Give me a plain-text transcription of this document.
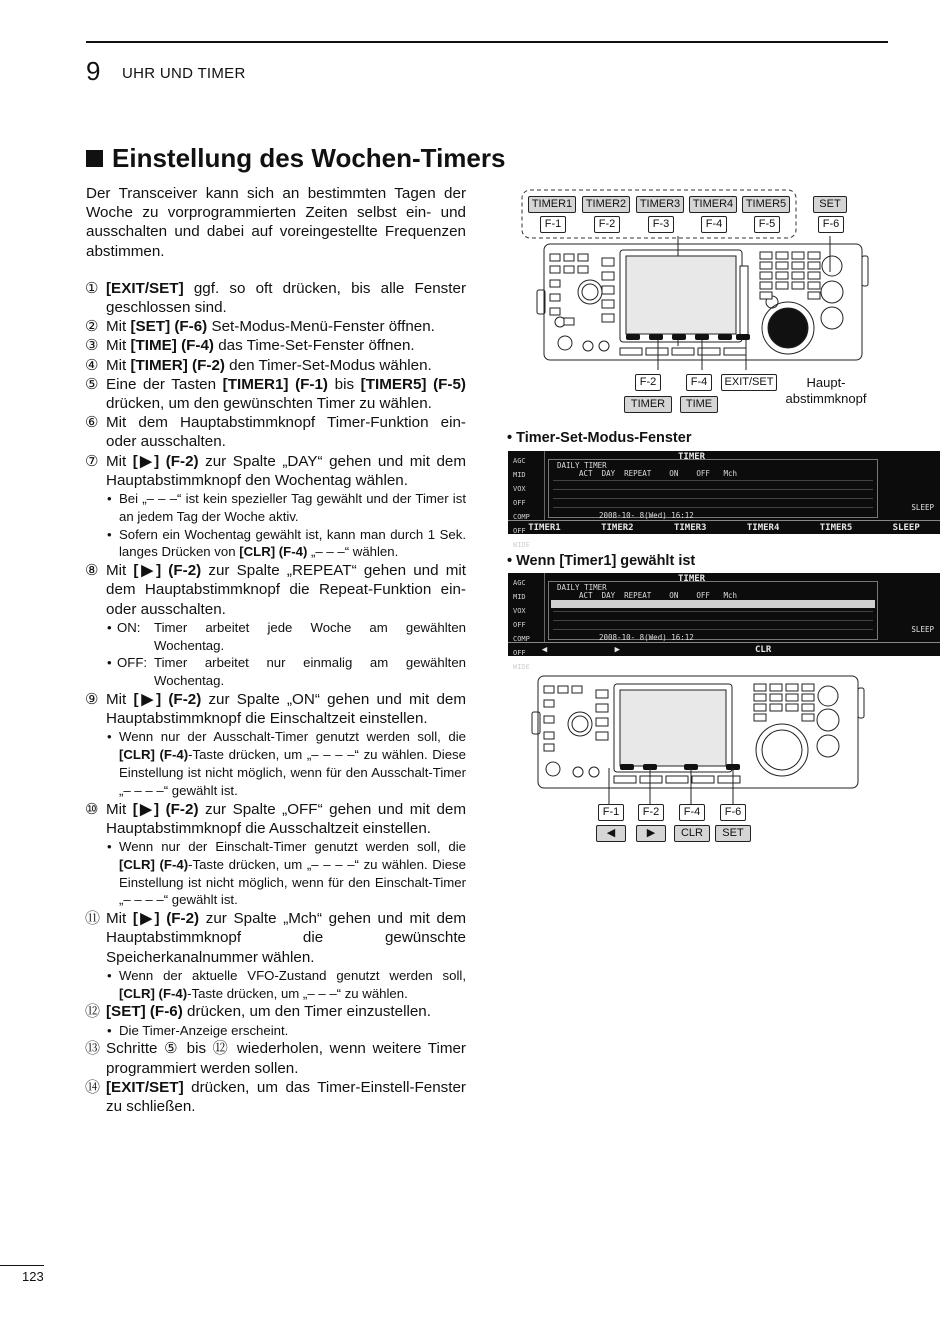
9 UHR UND TIMER
Einstellung des Wochen-Timers

Der Transceiver kann sich an bestimmten Tagen der Woche zu vorprogrammierten Zeiten selbst ein- und ausschalten und dabei auf voreingestellte Frequenzen abstimmen.

① [EXIT/SET] ggf. so oft drücken, bis alle Fenster geschlossen sind.

② Mit [SET] (F-6) Set-Modus-Menü-Fenster öffnen.

③ Mit [TIME] (F-4) das Time-Set-Fenster öffnen.

④ Mit [TIMER] (F-2) den Timer-Set-Modus wählen.

⑤ Eine der Tasten [TIMER1] (F-1) bis [TIMER5] (F-5) drücken, um den gewünschten Timer zu wählen.

⑥ Mit dem Hauptabstimmknopf Timer-Funktion ein- oder ausschalten.

⑦ Mit [▶] (F-2) zur Spalte „DAY“ gehen und mit dem Hauptabstimmknopf den Wochentag wählen.

• Bei „– – –“ ist kein spezieller Tag gewählt und der Timer ist an jedem Tag der Woche aktiv.

• Sofern ein Wochentag gewählt ist, kann man durch 1 Sek. langes Drücken von [CLR] (F-4) „– – –“ wählen.

⑧ Mit [▶] (F-2) zur Spalte „REPEAT“ gehen und mit dem Hauptabstimmknopf die Repeat-Funktion ein- oder ausschalten.

• ON: Timer arbeitet jede Woche am gewählten Wochentag.

• OFF: Timer arbeitet nur einmalig am gewählten Wochentag.

⑨ Mit [▶] (F-2) zur Spalte „ON“ gehen und mit dem Hauptabstimmknopf die Einschaltzeit einstellen.

• Wenn nur der Ausschalt-Timer genutzt werden soll, die [CLR] (F-4)-Taste drücken, um „– – – –“ zu wählen. Diese Einstellung ist nicht möglich, wenn für den Ausschalt-Timer „– – – –“ gewählt ist.

⑩ Mit [▶] (F-2) zur Spalte „OFF“ gehen und mit dem Hauptabstimmknopf die Ausschaltzeit einstellen.

• Wenn nur der Einschalt-Timer genutzt werden soll, die [CLR] (F-4)-Taste drücken, um „– – – –“ zu wählen. Diese Einstellung ist nicht möglich, wenn für den Einschalt-Timer „– – – –“ gewählt ist.

⑪ Mit [▶] (F-2) zur Spalte „Mch“ gehen und mit dem Hauptabstimmknopf die gewünschte Speicherkanalnummer wählen.

• Wenn der aktuelle VFO-Zustand genutzt werden soll, [CLR] (F-4)-Taste drücken, um „– – –“ zu wählen.

⑫ [SET] (F-6) drücken, um den Timer einzustellen.

• Die Timer-Anzeige erscheint.

⑬ Schritte ⑤ bis ⑫ wiederholen, wenn weitere Timer programmiert werden sollen.

⑭ [EXIT/SET] drücken, um das Timer-Einstell-Fenster zu schließen.

TIMER1	TIMER2	TIMER3	TIMER4	TIMER5	SET
F-1	F-2	F-3	F-4	F-5	F-6
F-2	F-4	EXIT/SET
TIMER	TIME
Haupt-
abstimmknopf
• Timer-Set-Modus-Fenster
AGC
MID
VOX
OFF
COMP
OFF
WIDE
TIMER
DAILY TIMER
ACT  DAY  REPEAT    ON    OFF   Mch
2008-10- 8(Wed) 16:12
SLEEP
TIMER1	TIMER2	TIMER3	TIMER4	TIMER5	SLEEP
• Wenn [Timer1] gewählt ist
AGC
MID
VOX
OFF
COMP
OFF
WIDE
TIMER
DAILY TIMER
ACT  DAY  REPEAT    ON    OFF   Mch
2008-10- 8(Wed) 16:12
SLEEP
◀	▶	CLR
F-1	F-2	F-4	F-6
◀	▶	CLR	SET
123
